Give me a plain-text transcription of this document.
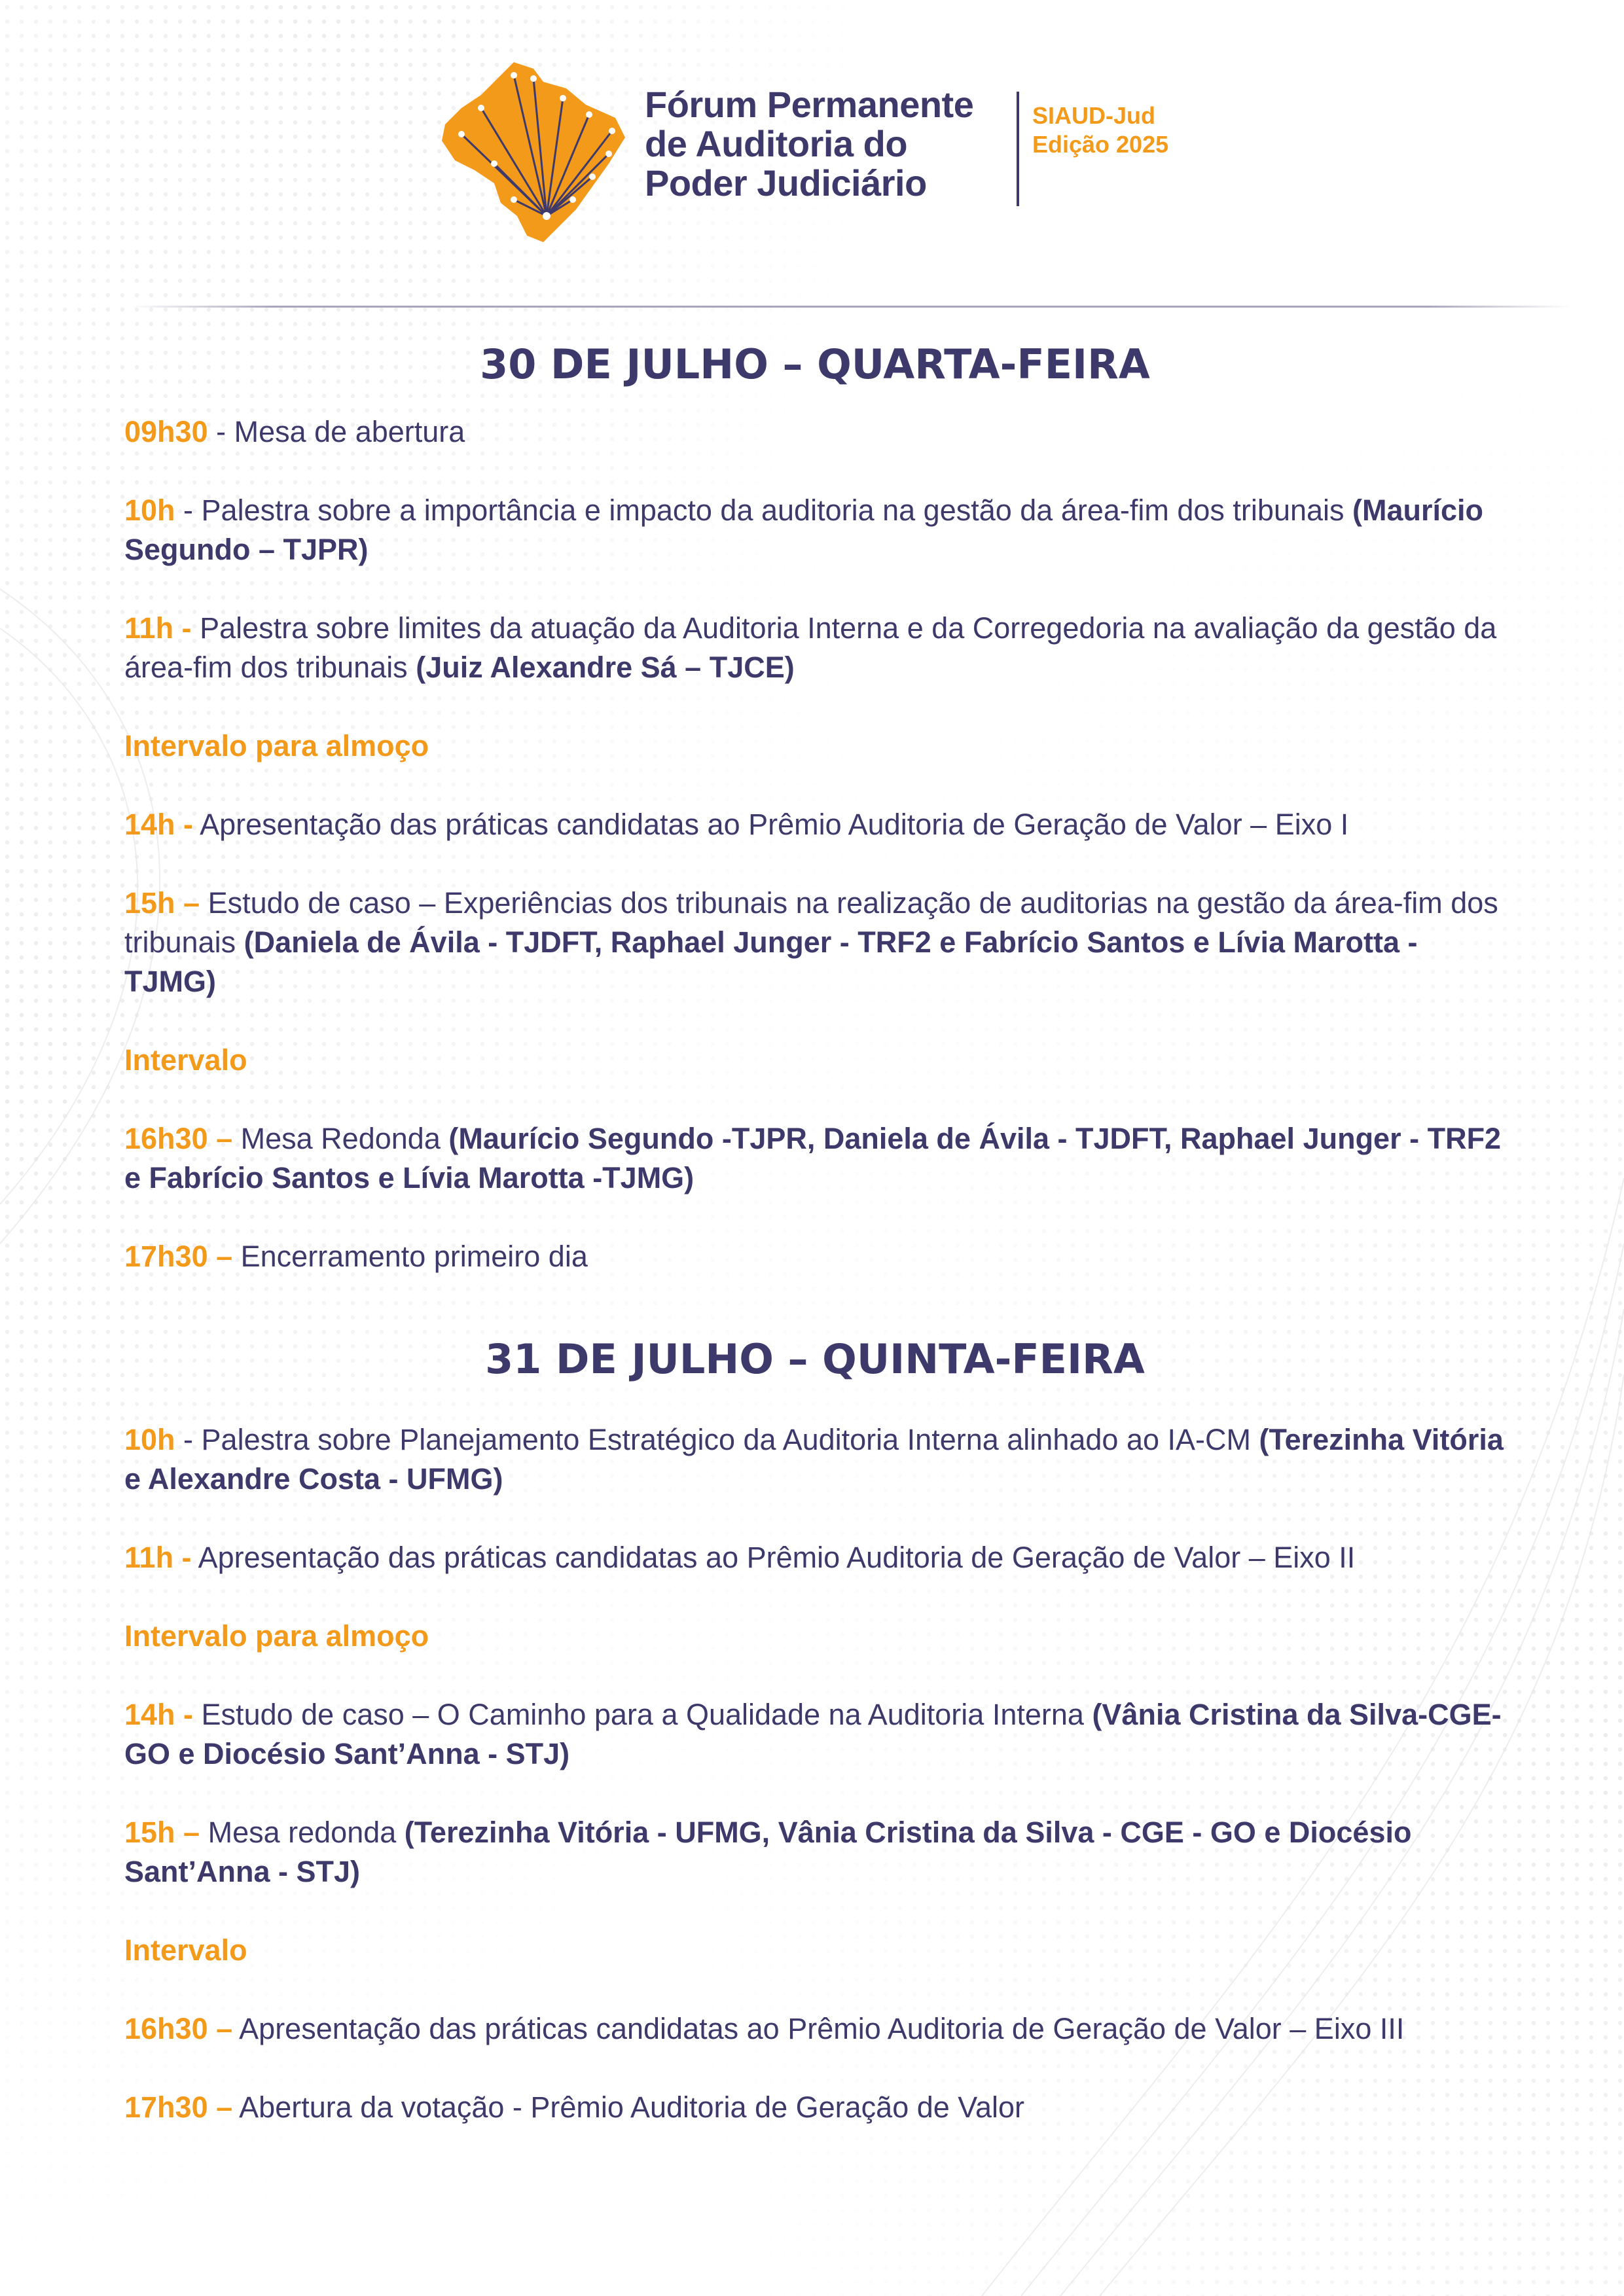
Fórum Permanente
de Auditoria do
Poder Judiciário
SIAUD-Jud
Edição 2025
30 DE JULHO – QUARTA-FEIRA
09h30 - Mesa de abertura
10h - Palestra sobre a importância e impacto da auditoria na gestão da área-fim dos tribunais (Maurício Segundo – TJPR)
11h - Palestra sobre limites da atuação da Auditoria Interna e da Corregedoria na avaliação da gestão da área-fim dos tribunais (Juiz Alexandre Sá – TJCE)
Intervalo para almoço
14h - Apresentação das práticas candidatas ao Prêmio Auditoria de Geração de Valor – Eixo I
15h – Estudo de caso – Experiências dos tribunais na realização de auditorias na gestão da área-fim dos tribunais (Daniela de Ávila - TJDFT, Raphael Junger - TRF2 e Fabrício Santos e Lívia Marotta -TJMG)
Intervalo
16h30 – Mesa Redonda (Maurício Segundo -TJPR, Daniela de Ávila - TJDFT, Raphael Junger - TRF2 e Fabrício Santos e Lívia Marotta -TJMG)
17h30 – Encerramento primeiro dia
31 DE JULHO – QUINTA-FEIRA
10h - Palestra sobre Planejamento Estratégico da Auditoria Interna alinhado ao IA-CM (Terezinha Vitória e Alexandre Costa - UFMG)
11h - Apresentação das práticas candidatas ao Prêmio Auditoria de Geração de Valor – Eixo II
Intervalo para almoço
14h - Estudo de caso – O Caminho para a Qualidade na Auditoria Interna (Vânia Cristina da Silva-CGE-GO e Diocésio Sant’Anna - STJ)
15h – Mesa redonda (Terezinha Vitória - UFMG, Vânia Cristina da Silva - CGE - GO e Diocésio Sant’Anna - STJ)
Intervalo
16h30 – Apresentação das práticas candidatas ao Prêmio Auditoria de Geração de Valor – Eixo III
17h30 – Abertura da votação - Prêmio Auditoria de Geração de Valor
